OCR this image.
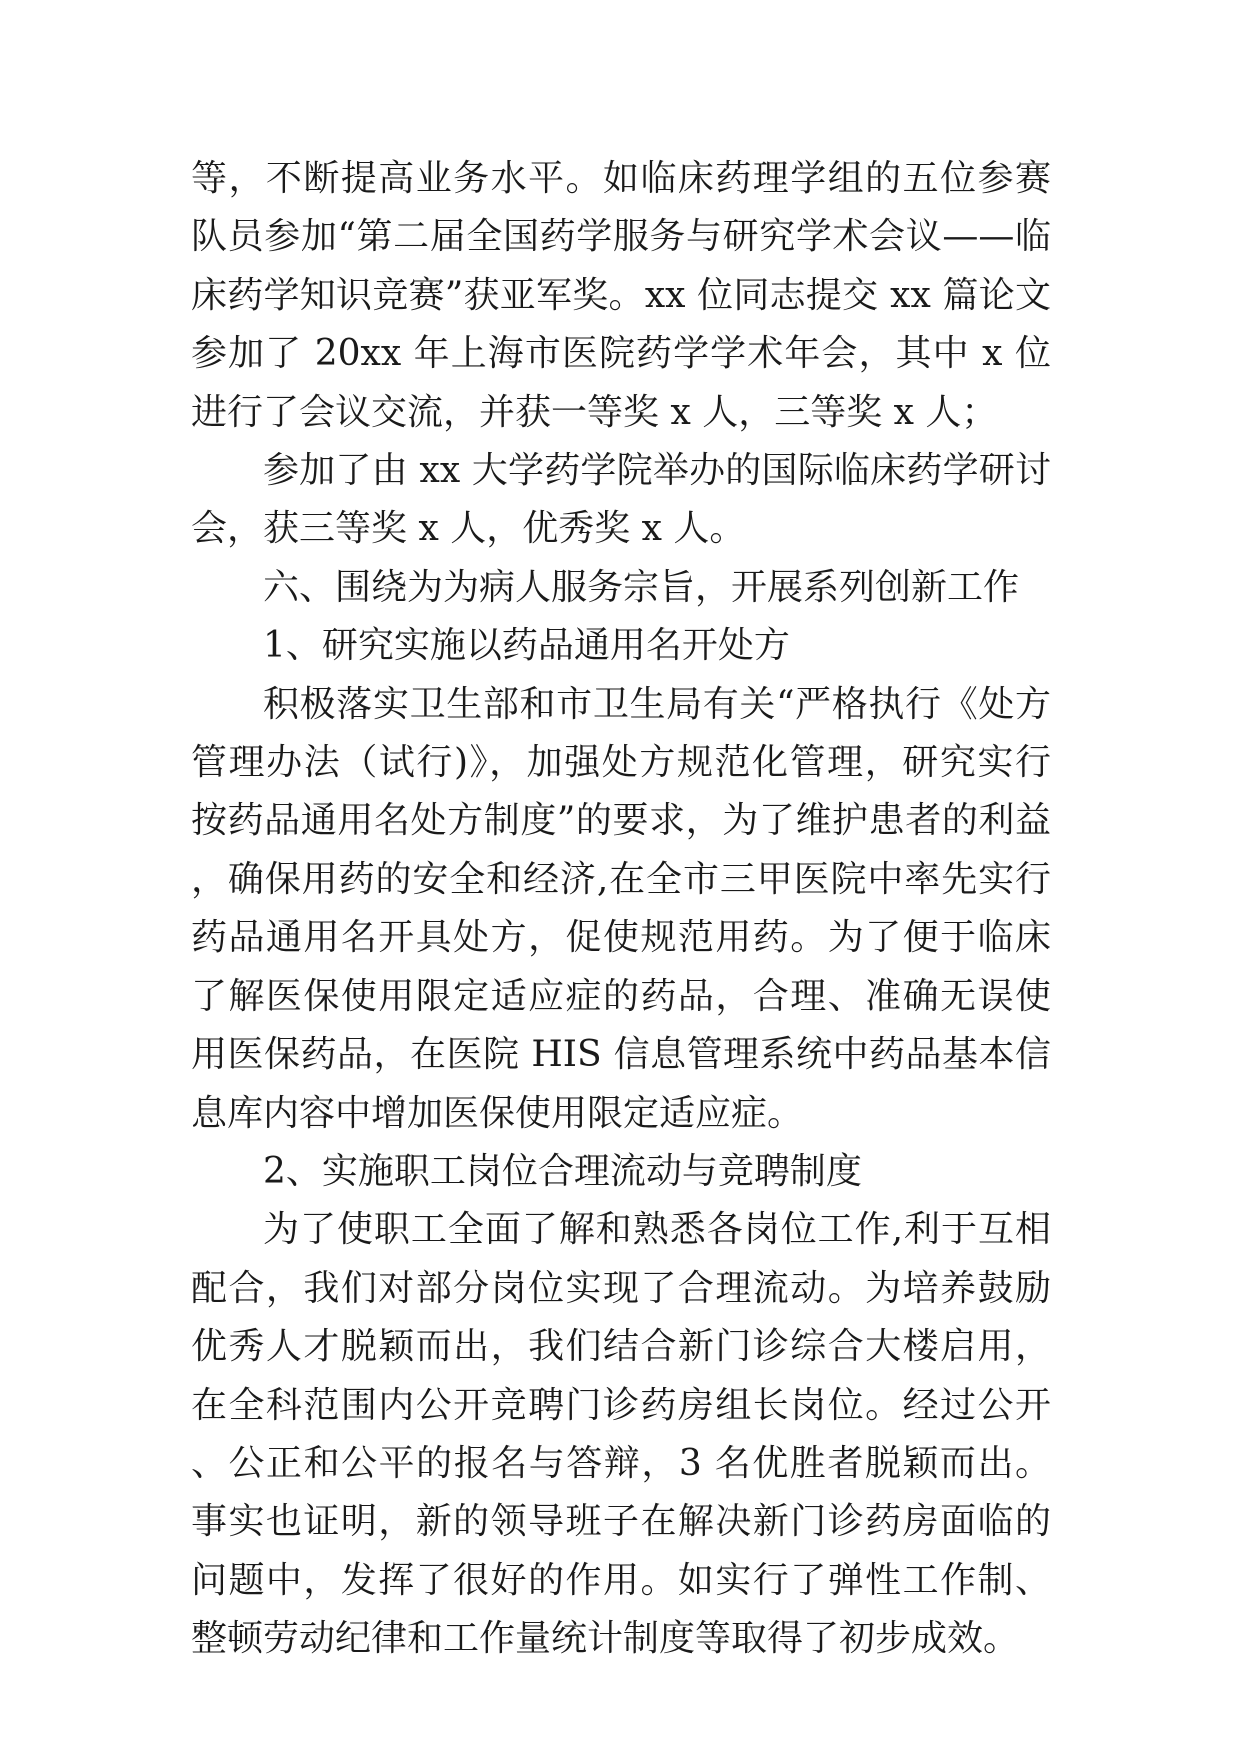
等，不断提高业务水平。如临床药理学组的五位参赛队员参加“第二届全国药学服务与研究学术会议——临床药学知识竞赛”获亚军奖。xx 位同志提交 xx 篇论文参加了 20xx 年上海市医院药学学术年会，其中 x 位进行了会议交流，并获一等奖 x 人，三等奖 x 人；

参加了由 xx 大学药学院举办的国际临床药学研讨会，获三等奖 x 人，优秀奖 x 人。

六、围绕为为病人服务宗旨，开展系列创新工作

1、研究实施以药品通用名开处方

积极落实卫生部和市卫生局有关“严格执行《处方管理办法（试行)》，加强处方规范化管理，研究实行按药品通用名处方制度”的要求，为了维护患者的利益，确保用药的安全和经济,在全市三甲医院中率先实行药品通用名开具处方，促使规范用药。为了便于临床了解医保使用限定适应症的药品，合理、准确无误使用医保药品，在医院 HIS 信息管理系统中药品基本信息库内容中增加医保使用限定适应症。

2、实施职工岗位合理流动与竞聘制度

为了使职工全面了解和熟悉各岗位工作,利于互相配合，我们对部分岗位实现了合理流动。为培养鼓励优秀人才脱颖而出，我们结合新门诊综合大楼启用，在全科范围内公开竞聘门诊药房组长岗位。经过公开、公正和公平的报名与答辩，3 名优胜者脱颖而出。事实也证明，新的领导班子在解决新门诊药房面临的问题中，发挥了很好的作用。如实行了弹性工作制、整顿劳动纪律和工作量统计制度等取得了初步成效。
